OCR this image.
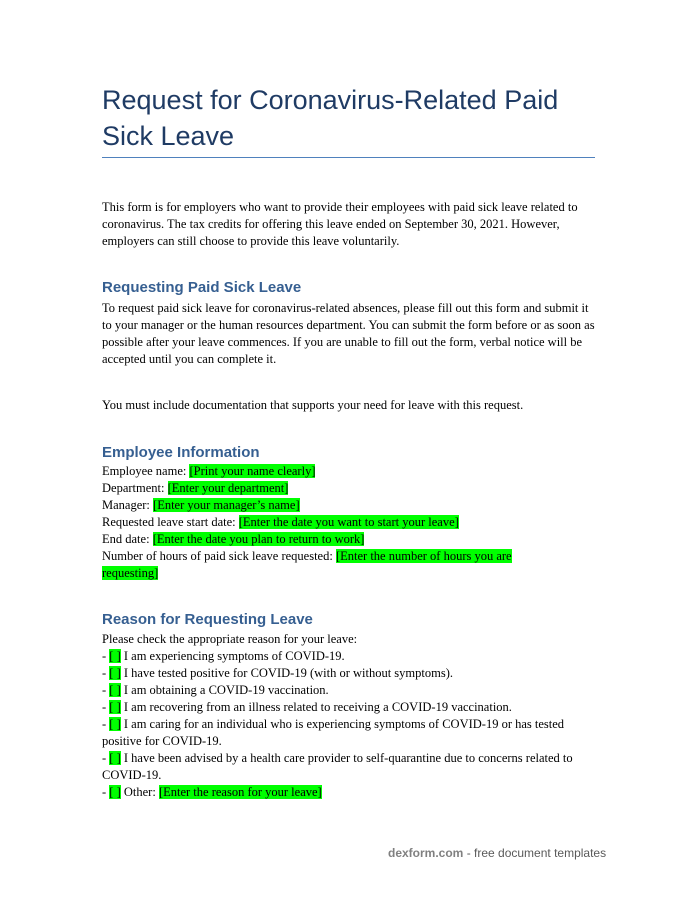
Request for Coronavirus-Related Paid
Sick Leave

This form is for employers who want to provide their employees with paid sick leave related to coronavirus. The tax credits for offering this leave ended on September 30, 2021. However, employers can still choose to provide this leave voluntarily.

Requesting Paid Sick Leave

To request paid sick leave for coronavirus-related absences, please fill out this form and submit it to your manager or the human resources department. You can submit the form before or as soon as possible after your leave commences. If you are unable to fill out the form, verbal notice will be accepted until you can complete it.

You must include documentation that supports your need for leave with this request.

Employee Information
Employee name: [Print your name clearly]
Department: [Enter your department]
Manager: [Enter your manager’s name]
Requested leave start date: [Enter the date you want to start your leave]
End date: [Enter the date you plan to return to work]
Number of hours of paid sick leave requested: [Enter the number of hours you are
requesting]
Reason for Requesting Leave
Please check the appropriate reason for your leave:
- [ ] I am experiencing symptoms of COVID-19.
- [ ] I have tested positive for COVID-19 (with or without symptoms).
- [ ] I am obtaining a COVID-19 vaccination.
- [ ] I am recovering from an illness related to receiving a COVID-19 vaccination.
- [ ] I am caring for an individual who is experiencing symptoms of COVID-19 or has tested positive for COVID-19.
- [ ] I have been advised by a health care provider to self-quarantine due to concerns related to COVID-19.
- [ ] Other: [Enter the reason for your leave]
dexform.com - free document templates
